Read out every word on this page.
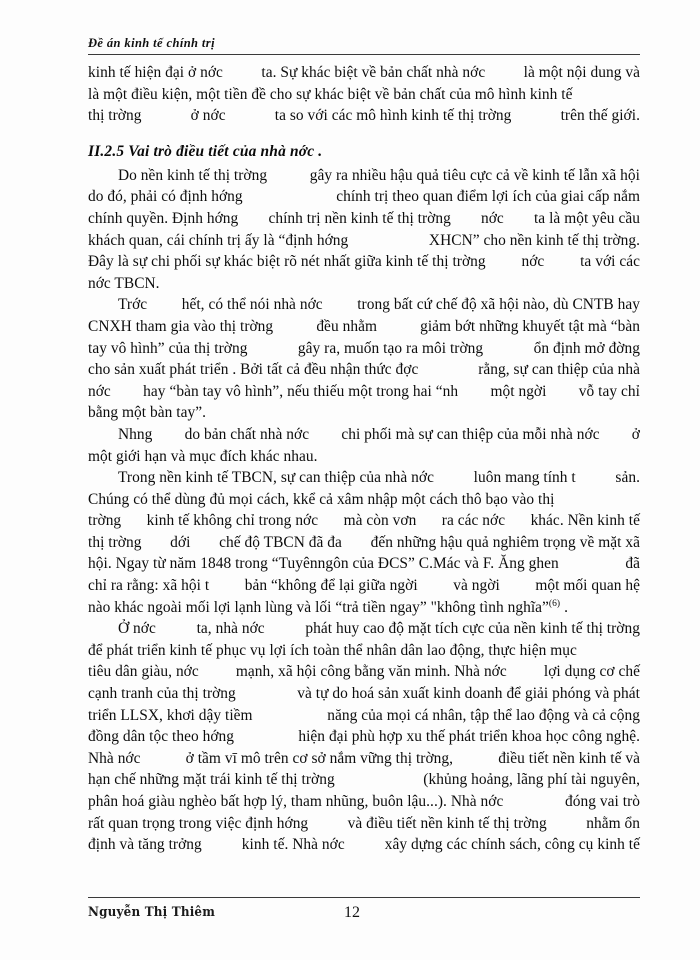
Đề án kinh tế chính trị
kinh tế hiện đại ở nớc ta. Sự khác biệt về bản chất nhà nớc là một nội dung và
là một điều kiện, một tiền đề cho sự khác biệt về bản chất của mô hình kinh tế
thị trờng	ở nớc	ta so với các mô hình kinh tế thị trờng	trên thế giới.
II.2.5 Vai trò điều tiết của nhà nớc .
Do nền kinh tế thị trờng	gây ra nhiều hậu quả tiêu cực cả về kinh tế lẫn xã hội
do đó, phải có định hớng	chính trị theo quan điểm lợi ích của giai cấp nắm
chính quyền. Định hớng chính trị nền kinh tế thị trờng nớc ta là một yêu cầu
khách quan, cái chính trị ấy là “định hớng	XHCN” cho nền kinh tế thị trờng.
Đây là sự chi phối sự khác biệt rõ nét nhất giữa kinh tế thị trờng nớc ta với các
nớc TBCN.
Trớc hết, có thể nói nhà nớc trong bất cứ chế độ xã hội nào, dù CNTB hay
CNXH tham gia vào thị trờng	đều nhằm	giảm bớt những khuyết tật mà “bàn
tay vô hình” của thị trờng	gây ra, muốn tạo ra môi trờng	ổn định mở đờng
cho sản xuất phát triển . Bởi tất cả đều nhận thức đợc	rằng, sự can thiệp của nhà
nớc hay “bàn tay vô hình”, nếu thiếu một trong hai “nh một ngời vỗ tay chỉ
bằng một bàn tay”.
Nhng do bản chất nhà nớc chi phối mà sự can thiệp của mỗi nhà nớc ở
một giới hạn và mục đích khác nhau.
Trong nền kinh tế TBCN, sự can thiệp của nhà nớc	luôn mang tính t	sản.
Chúng có thể dùng đủ mọi cách, kkể cả xâm nhập một cách thô bạo vào thị
trờng kinh tế không chỉ trong nớc mà còn vơn ra các nớc khác. Nền kinh tế
thị trờng dới chế độ TBCN đã đa đến những hậu quả nghiêm trọng về mặt xã
hội. Ngay từ năm 1848 trong “Tuyênngôn của ĐCS” C.Mác và F. Ăng ghen	đã
chỉ ra rằng: xã hội t bản “không để lại giữa ngời và ngời một mối quan hệ
nào khác ngoài mối lợi lạnh lùng và lối “trả tiền ngay” "không tình nghĩa”$^{(6)}$ .
Ở nớc	ta, nhà nớc	phát huy cao độ mặt tích cực của nền kinh tế thị trờng
để phát triển kinh tế phục vụ lợi ích toàn thể nhân dân lao động, thực hiện mục
tiêu dân giàu, nớc mạnh, xã hội công bằng văn minh. Nhà nớc lợi dụng cơ chế
cạnh tranh của thị trờng	và tự do hoá sản xuất kinh doanh để giải phóng và phát
triển LLSX, khơi dậy tiềm	năng của mọi cá nhân, tập thể lao động và cả cộng
đồng dân tộc theo hớng	hiện đại phù hợp xu thế phát triển khoa học công nghệ.
Nhà nớc	ở tầm vī mô trên cơ sở nắm vững thị trờng,	điều tiết nền kinh tế và
hạn chế những mặt trái kinh tế thị trờng	(khủng hoảng, lãng phí tài nguyên,
phân hoá giàu nghèo bất hợp lý, tham nhũng, buôn lậu...). Nhà nớc	đóng vai trò
rất quan trọng trong việc định hớng	và điều tiết nền kinh tế thị trờng	nhằm ổn
định và tăng trởng	kinh tế. Nhà nớc	xây dựng các chính sách, công cụ kinh tế
Nguyễn Thị Thiêm	12
